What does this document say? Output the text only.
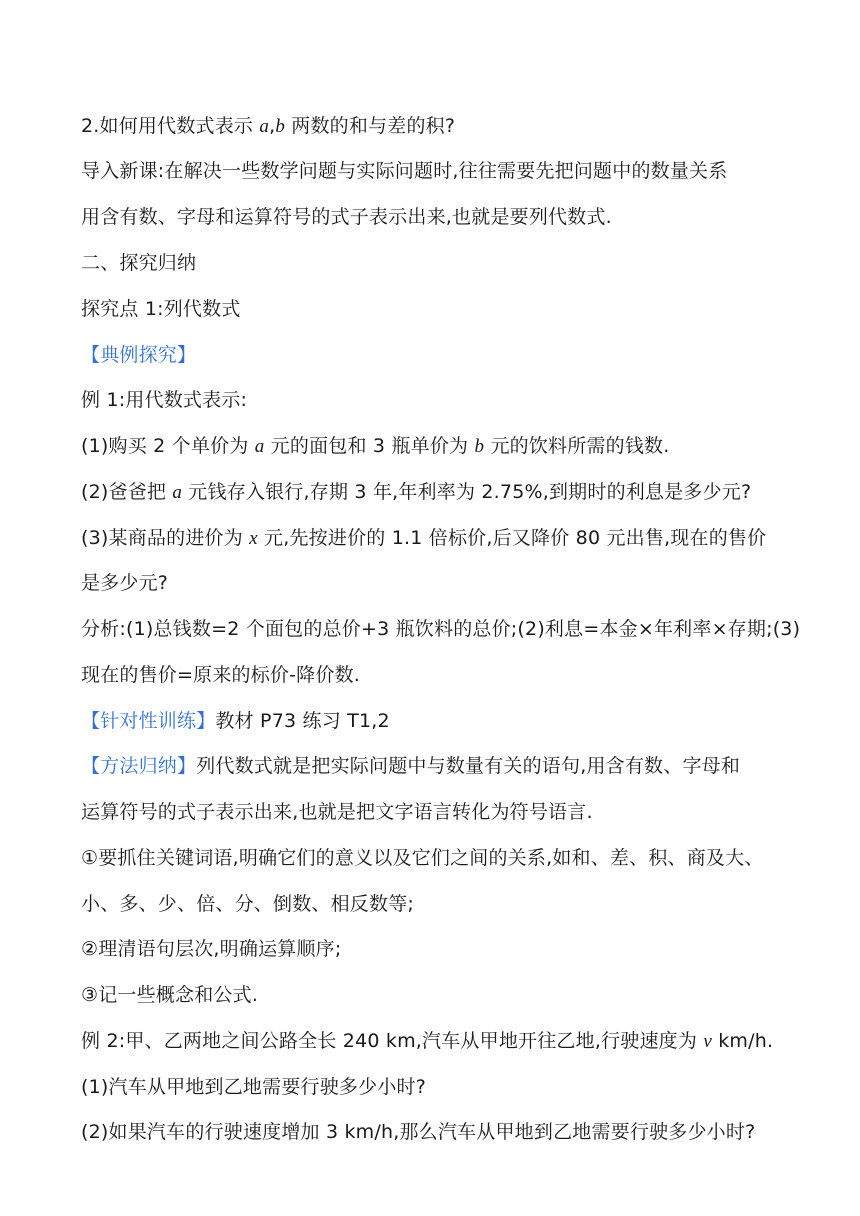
2.如何用代数式表示 a,b 两数的和与差的积?
导入新课:在解决一些数学问题与实际问题时,往往需要先把问题中的数量关系
用含有数、字母和运算符号的式子表示出来,也就是要列代数式.
二、探究归纳
探究点 1:列代数式
【典例探究】
例 1:用代数式表示:
(1)购买 2 个单价为 a 元的面包和 3 瓶单价为 b 元的饮料所需的钱数.
(2)爸爸把 a 元钱存入银行,存期 3 年,年利率为 2.75%,到期时的利息是多少元?
(3)某商品的进价为 x 元,先按进价的 1.1 倍标价,后又降价 80 元出售,现在的售价
是多少元?
分析:(1)总钱数=2 个面包的总价+3 瓶饮料的总价;(2)利息=本金×年利率×存期;(3)
现在的售价=原来的标价-降价数.
【针对性训练】教材 P73 练习 T1,2
【方法归纳】列代数式就是把实际问题中与数量有关的语句,用含有数、字母和
运算符号的式子表示出来,也就是把文字语言转化为符号语言.
①要抓住关键词语,明确它们的意义以及它们之间的关系,如和、差、积、商及大、
小、多、少、倍、分、倒数、相反数等;
②理清语句层次,明确运算顺序;
③记一些概念和公式.
例 2:甲、乙两地之间公路全长 240 km,汽车从甲地开往乙地,行驶速度为 v km/h.
(1)汽车从甲地到乙地需要行驶多少小时?
(2)如果汽车的行驶速度增加 3 km/h,那么汽车从甲地到乙地需要行驶多少小时?
